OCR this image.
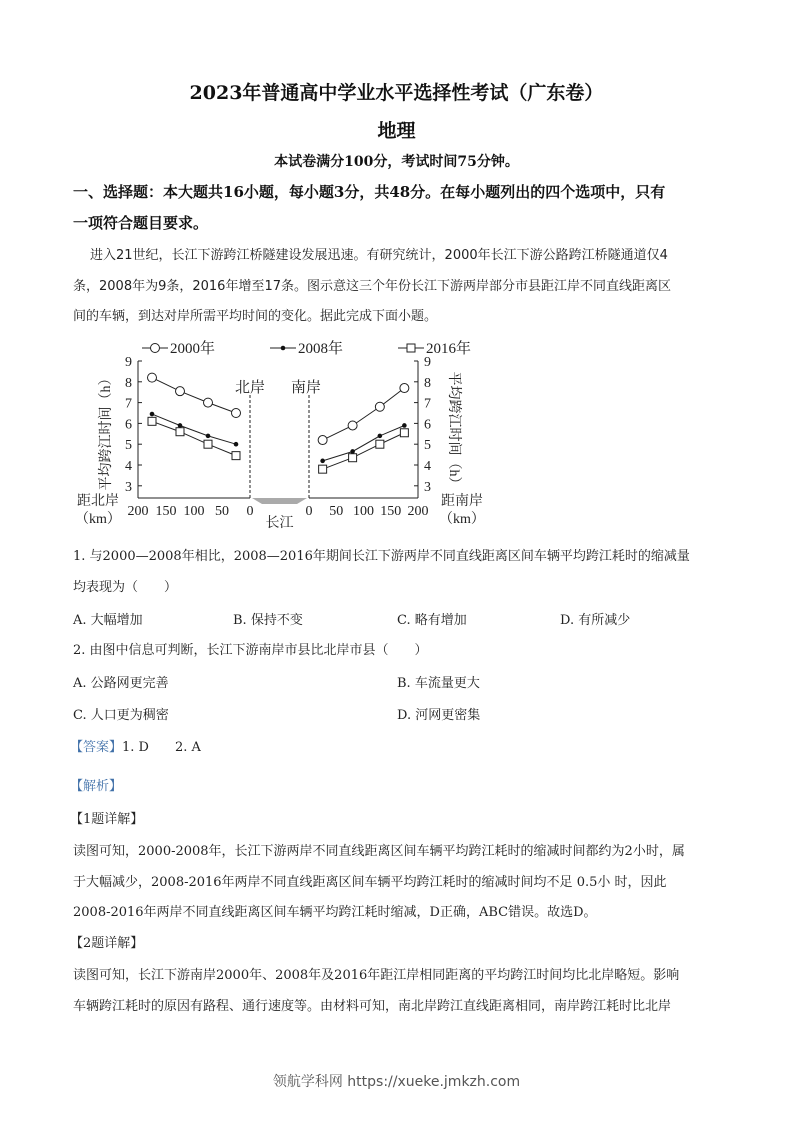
2023年普通高中学业水平选择性考试（广东卷）
地理
本试卷满分100分，考试时间75分钟。
一、选择题：本大题共16小题，每小题3分，共48分。在每小题列出的四个选项中，只有
一项符合题目要求。
进入21世纪，长江下游跨江桥隧建设发展迅速。有研究统计，2000年长江下游公路跨江桥隧通道仅4
条，2008年为9条，2016年增至17条。图示意这三个年份长江下游两岸部分市县距江岸不同直线距离区
间的车辆，到达对岸所需平均时间的变化。据此完成下面小题。
2000年	2008年	2016年
长江
北岸 南岸
3	3
4	4
5	5
6	6
7	7
8	8
9	9
200 150 100 50 0	0 50 100 150 200
平均跨江时间（h）	平均跨江时间（h）
距北岸（km）
距南岸（km）
1. 与2000—2008年相比，2008—2016年期间长江下游两岸不同直线距离区间车辆平均跨江耗时的缩减量
均表现为（　　）
A. 大幅增加	B. 保持不变	C. 略有增加	D. 有所减少
2. 由图中信息可判断，长江下游南岸市县比北岸市县（　　）
A. 公路网更完善	B. 车流量更大
C. 人口更为稠密	D. 河网更密集
【答案】1. D　　2. A
【解析】
【1题详解】
读图可知，2000-2008年，长江下游两岸不同直线距离区间车辆平均跨江耗时的缩减时间都约为2小时，属
于大幅减少，2008-2016年两岸不同直线距离区间车辆平均跨江耗时的缩减时间均不足 0.5小 时，因此
2008-2016年两岸不同直线距离区间车辆平均跨江耗时缩减，D正确，ABC错误。故选D。
【2题详解】
读图可知，长江下游南岸2000年、2008年及2016年距江岸相同距离的平均跨江时间均比北岸略短。影响
车辆跨江耗时的原因有路程、通行速度等。由材料可知，南北岸跨江直线距离相同，南岸跨江耗时比北岸
领航学科网 https://xueke.jmkzh.com
